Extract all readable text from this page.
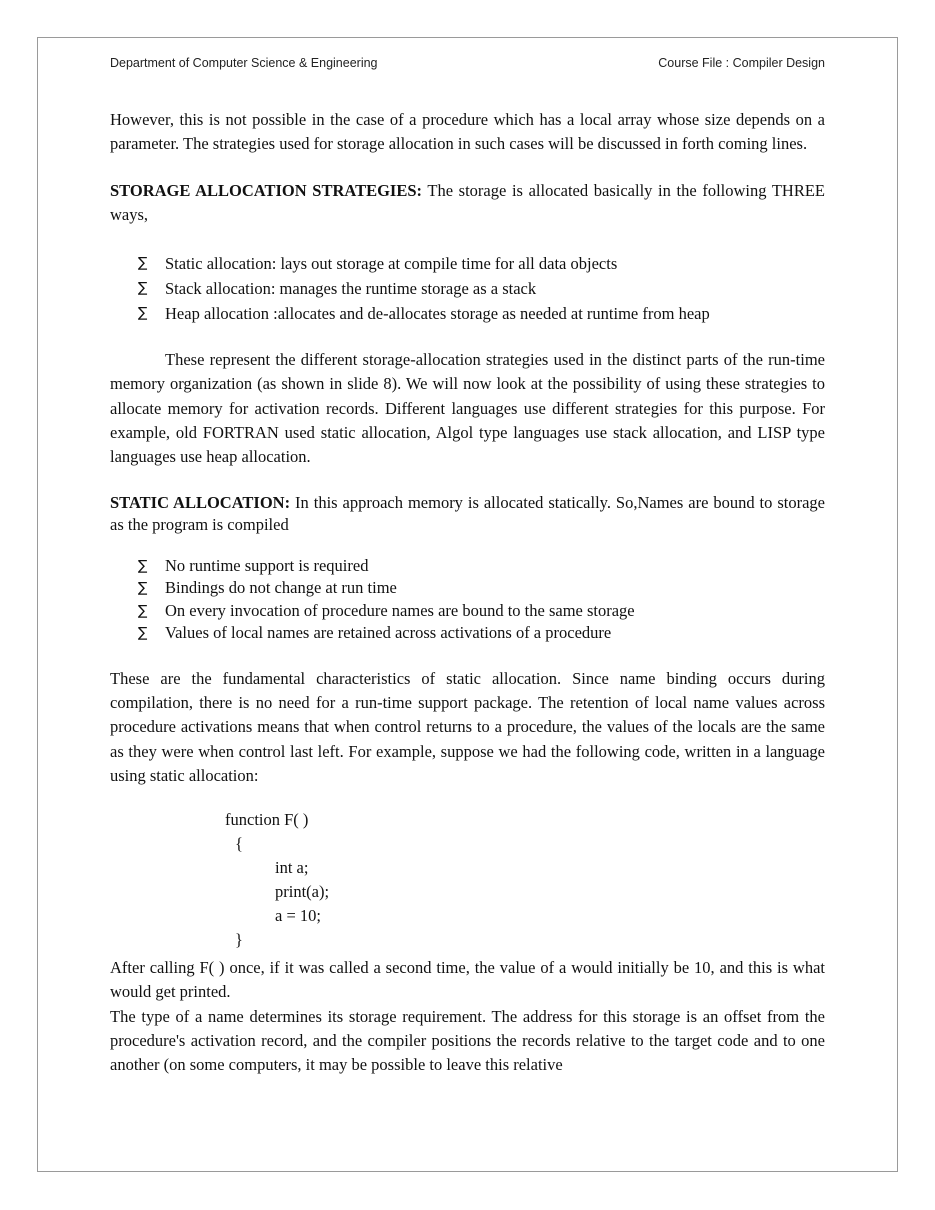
Department of Computer Science & Engineering	Course File : Compiler Design

However, this is not possible in the case of a procedure which has a local array whose size depends on a parameter. The strategies used for storage allocation in such cases will be discussed in forth coming lines.

STORAGE ALLOCATION STRATEGIES: The storage is allocated basically in the following THREE ways,

∑ Static allocation: lays out storage at compile time for all data objects
∑ Stack allocation: manages the runtime storage as a stack
∑ Heap allocation :allocates and de-allocates storage as needed at runtime from heap

These represent the different storage-allocation strategies used in the distinct parts of the run-time memory organization (as shown in slide 8). We will now look at the possibility of using these strategies to allocate memory for activation records. Different languages use different strategies for this purpose. For example, old FORTRAN used static allocation, Algol type languages use stack allocation, and LISP type languages use heap allocation.

STATIC ALLOCATION: In this approach memory is allocated statically. So,Names are bound to storage as the program is compiled

∑ No runtime support is required
∑ Bindings do not change at run time
∑ On every invocation of procedure names are bound to the same storage
∑ Values of local names are retained across activations of a procedure

These are the fundamental characteristics of static allocation. Since name binding occurs during compilation, there is no need for a run-time support package. The retention of local name values across procedure activations means that when control returns to a procedure, the values of the locals are the same as they were when control last left. For example, suppose we had the following code, written in a language using static allocation:

function F( )
{
int a;
print(a);
a = 10;
}

After calling F( ) once, if it was called a second time, the value of a would initially be 10, and this is what would get printed.

The type of a name determines its storage requirement. The address for this storage is an offset from the procedure's activation record, and the compiler positions the records relative to the target code and to one another (on some computers, it may be possible to leave this relative
